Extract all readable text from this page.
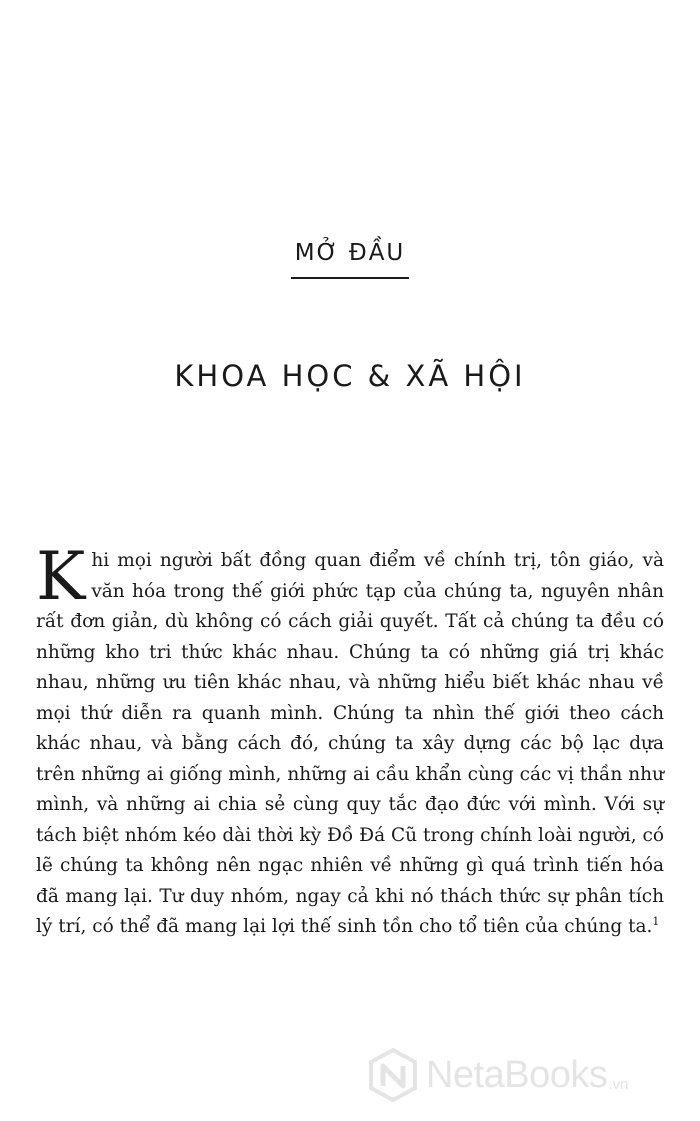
MỞ ĐẦU
KHOA HỌC & XÃ HỘI

Khi mọi người bất đồng quan điểm về chính trị, tôn giáo, và văn hóa trong thế giới phức tạp của chúng ta, nguyên nhân rất đơn giản, dù không có cách giải quyết. Tất cả chúng ta đều có những kho tri thức khác nhau. Chúng ta có những giá trị khác nhau, những ưu tiên khác nhau, và những hiểu biết khác nhau về mọi thứ diễn ra quanh mình. Chúng ta nhìn thế giới theo cách khác nhau, và bằng cách đó, chúng ta xây dựng các bộ lạc dựa trên những ai giống mình, những ai cầu khẩn cùng các vị thần như mình, và những ai chia sẻ cùng quy tắc đạo đức với mình. Với sự tách biệt nhóm kéo dài thời kỳ Đồ Đá Cũ trong chính loài người, có lẽ chúng ta không nên ngạc nhiên về những gì quá trình tiến hóa đã mang lại. Tư duy nhóm, ngay cả khi nó thách thức sự phân tích lý trí, có thể đã mang lại lợi thế sinh tồn cho tổ tiên của chúng ta.$^1$

NetaBooks .vn
